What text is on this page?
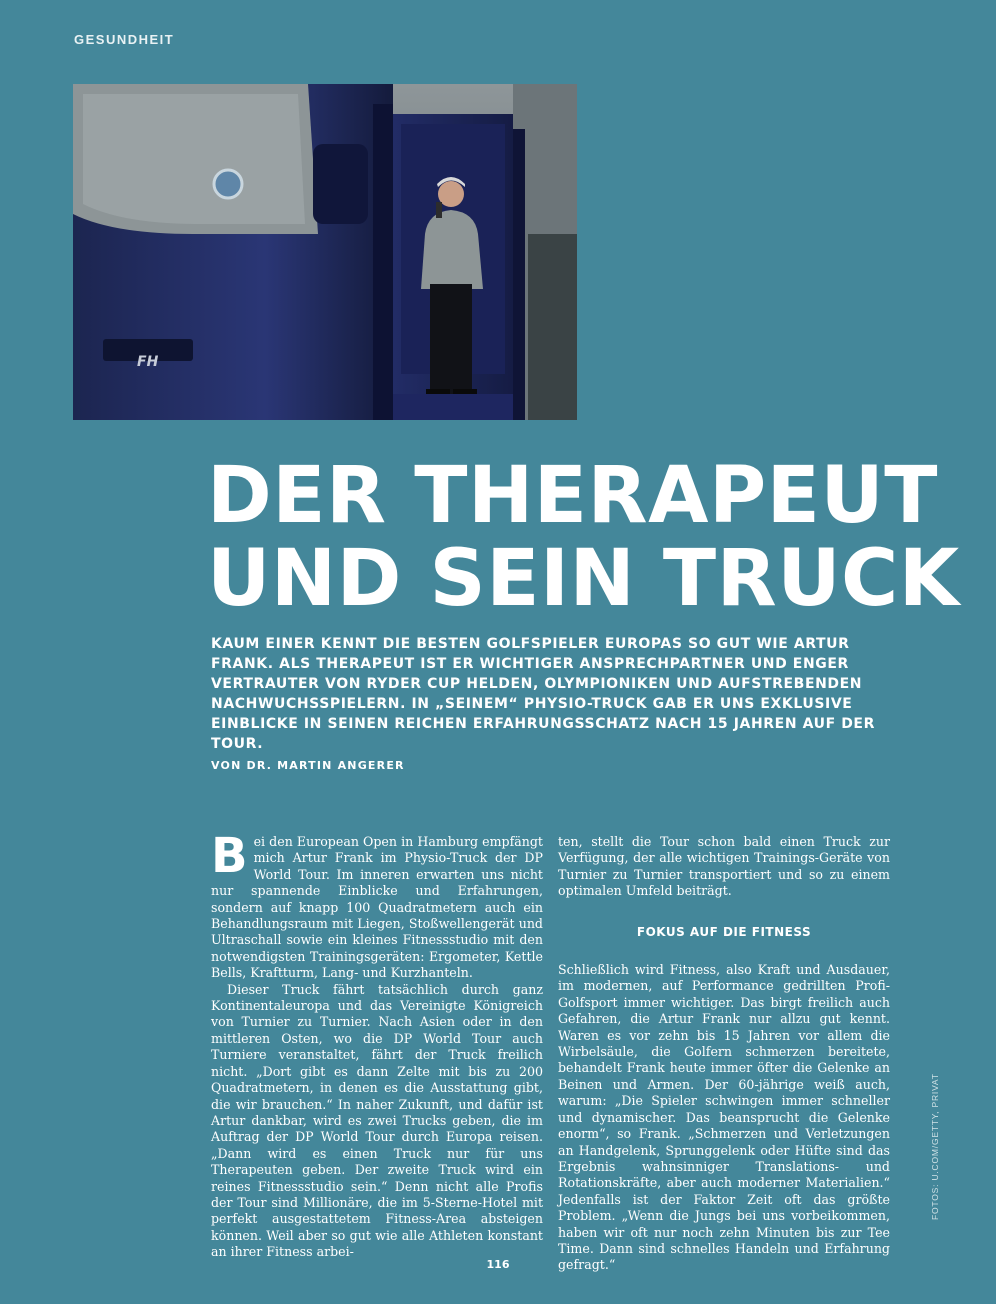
GESUNDHEIT
FH
DER THERAPEUT
UND SEIN TRUCK
KAUM EINER KENNT DIE BESTEN GOLFSPIELER EUROPAS SO GUT WIE ARTUR FRANK. ALS THERAPEUT IST ER WICHTIGER ANSPRECHPARTNER UND ENGER VERTRAUTER VON RYDER CUP HELDEN, OLYMPIONIKEN UND AUFSTREBENDEN NACHWUCHSSPIELERN. IN „SEINEM“ PHYSIO-TRUCK GAB ER UNS EXKLUSIVE EINBLICKE IN SEINEN REICHEN ERFAHRUNGSSCHATZ NACH 15 JAHREN AUF DER TOUR.
VON DR. MARTIN ANGERER

Bei den European Open in Hamburg empfängt mich Artur Frank im Physio-Truck der DP World Tour. Im inneren erwarten uns nicht nur spannende Einblicke und Erfahrungen, sondern auf knapp 100 Quadratmetern auch ein Behandlungsraum mit Liegen, Stoßwellengerät und Ultraschall sowie ein kleines Fitnessstudio mit den notwendigsten Trainingsgeräten: Ergometer, Kettle Bells, Kraftturm, Lang- und Kurzhanteln.

Dieser Truck fährt tatsächlich durch ganz Kontinentaleuropa und das Vereinigte Königreich von Turnier zu Turnier. Nach Asien oder in den mittleren Osten, wo die DP World Tour auch Turniere veranstaltet, fährt der Truck freilich nicht. „Dort gibt es dann Zelte mit bis zu 200 Quadratmetern, in denen es die Ausstattung gibt, die wir brauchen.“ In naher Zukunft, und dafür ist Artur dankbar, wird es zwei Trucks geben, die im Auftrag der DP World Tour durch Europa reisen. „Dann wird es einen Truck nur für uns Therapeuten geben. Der zweite Truck wird ein reines Fitnessstudio sein.“ Denn nicht alle Profis der Tour sind Millionäre, die im 5-Sterne-Hotel mit perfekt ausgestattetem Fitness-Area absteigen können. Weil aber so gut wie alle Athleten konstant an ihrer Fitness arbei-

ten, stellt die Tour schon bald einen Truck zur Verfügung, der alle wichtigen Trainings-Geräte von Turnier zu Turnier transportiert und so zu einem optimalen Umfeld beiträgt.

FOKUS AUF DIE FITNESS

Schließlich wird Fitness, also Kraft und Ausdauer, im modernen, auf Performance gedrillten Profi-Golfsport immer wichtiger. Das birgt freilich auch Gefahren, die Artur Frank nur allzu gut kennt. Waren es vor zehn bis 15 Jahren vor allem die Wirbelsäule, die Golfern schmerzen bereitete, behandelt Frank heute immer öfter die Gelenke an Beinen und Armen. Der 60-jährige weiß auch, warum: „Die Spieler schwingen immer schneller und dynamischer. Das beansprucht die Gelenke enorm“, so Frank. „Schmerzen und Verletzungen an Handgelenk, Sprunggelenk oder Hüfte sind das Ergebnis wahnsinniger Translations- und Rotationskräfte, aber auch moderner Materialien.“ Jedenfalls ist der Faktor Zeit oft das größte Problem. „Wenn die Jungs bei uns vorbeikommen, haben wir oft nur noch zehn Minuten bis zur Tee Time. Dann sind schnelles Handeln und Erfahrung gefragt.“

FOTOS: U.COM/GETTY, PRIVAT
116
